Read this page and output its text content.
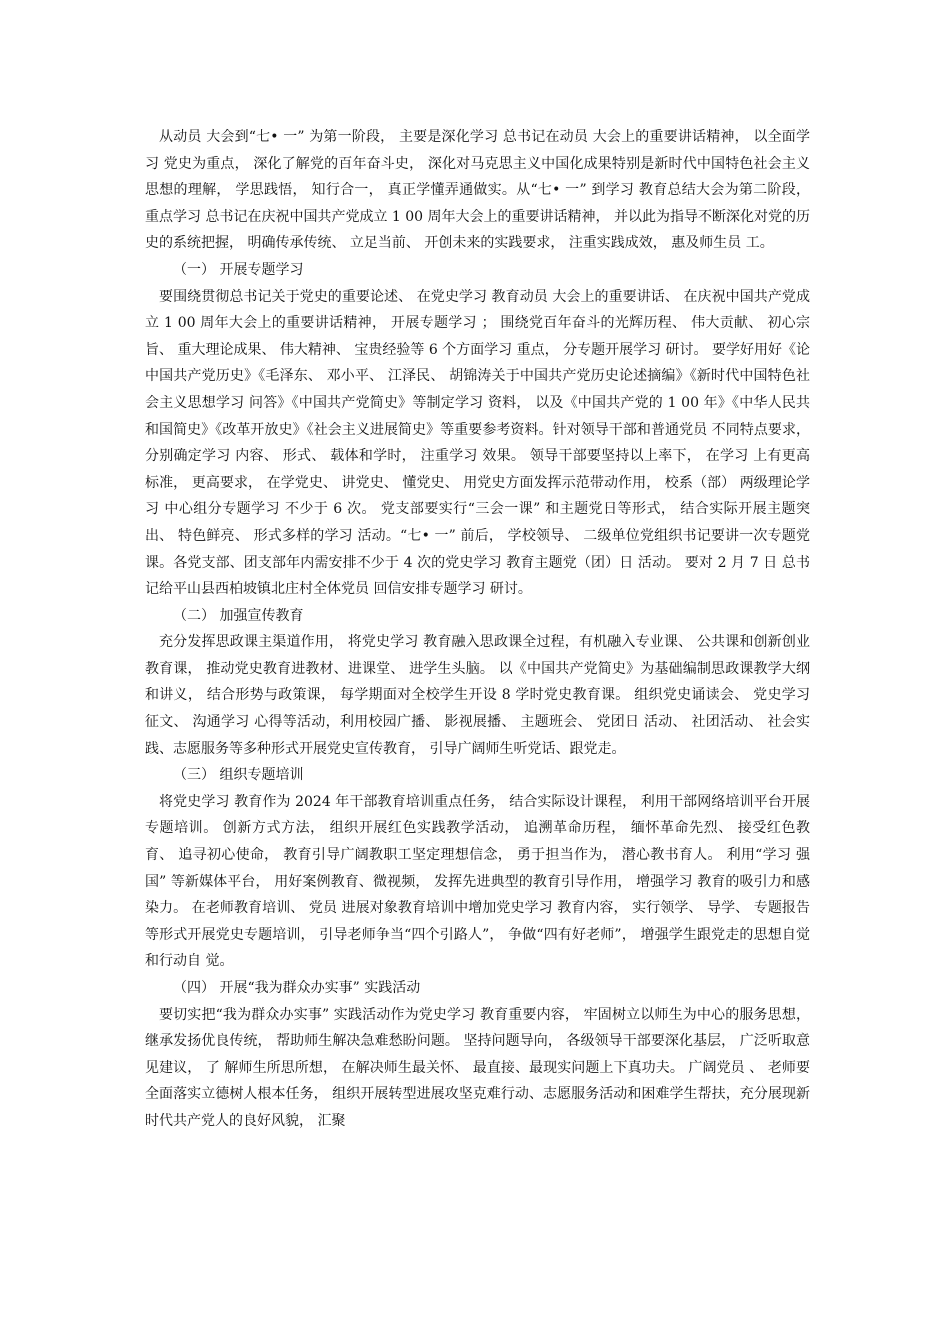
从动员 大会到“七• 一” 为第一阶段， 主要是深化学习 总书记在动员 大会上的重要讲话精神， 以全面学习 党史为重点， 深化了解党的百年奋斗史， 深化对马克思主义中国化成果特别是新时代中国特色社会主义思想的理解， 学思践悟， 知行合一， 真正学懂弄通做实。从“七• 一” 到学习 教育总结大会为第二阶段， 重点学习 总书记在庆祝中国共产党成立 1 00 周年大会上的重要讲话精神， 并以此为指导不断深化对党的历史的系统把握， 明确传承传统、 立足当前、 开创未来的实践要求， 注重实践成效， 惠及师生员 工。

（一） 开展专题学习

要围绕贯彻总书记关于党史的重要论述、 在党史学习 教育动员 大会上的重要讲话、 在庆祝中国共产党成立 1 00 周年大会上的重要讲话精神， 开展专题学习 ； 围绕党百年奋斗的光辉历程、 伟大贡献、 初心宗旨、 重大理论成果、 伟大精神、 宝贵经验等 6 个方面学习 重点， 分专题开展学习 研讨。 要学好用好《论中国共产党历史》《毛泽东、 邓小平、 江泽民、 胡锦涛关于中国共产党历史论述摘编》《新时代中国特色社会主义思想学习 问答》《中国共产党简史》等制定学习 资料， 以及《中国共产党的 1 00 年》《中华人民共和国简史》《改革开放史》《社会主义进展简史》等重要参考资料。针对领导干部和普通党员 不同特点要求，分别确定学习 内容、 形式、 载体和学时， 注重学习 效果。 领导干部要坚持以上率下， 在学习 上有更高标准， 更高要求， 在学党史、 讲党史、 懂党史、 用党史方面发挥示范带动作用， 校系（部） 两级理论学习 中心组分专题学习 不少于 6 次。 党支部要实行“三会一课” 和主题党日等形式， 结合实际开展主题突出、 特色鲜亮、 形式多样的学习 活动。“七• 一” 前后， 学校领导、 二级单位党组织书记要讲一次专题党课。各党支部、团支部年内需安排不少于 4 次的党史学习 教育主题党（团）日 活动。 要对 2 月 7 日 总书记给平山县西柏坡镇北庄村全体党员 回信安排专题学习 研讨。

（二） 加强宣传教育

充分发挥思政课主渠道作用， 将党史学习 教育融入思政课全过程，有机融入专业课、 公共课和创新创业教育课， 推动党史教育进教材、进课堂、 进学生头脑。 以《中国共产党简史》为基础编制思政课教学大纲和讲义， 结合形势与政策课， 每学期面对全校学生开设 8 学时党史教育课。 组织党史诵读会、 党史学习 征文、 沟通学习 心得等活动，利用校园广播、 影视展播、 主题班会、 党团日 活动、 社团活动、 社会实践、志愿服务等多种形式开展党史宣传教育， 引导广阔师生听党话、跟党走。

（三） 组织专题培训

将党史学习 教育作为 2024 年干部教育培训重点任务， 结合实际设计课程， 利用干部网络培训平台开展专题培训。 创新方式方法， 组织开展红色实践教学活动， 追溯革命历程， 缅怀革命先烈、 接受红色教育、 追寻初心使命， 教育引导广阔教职工坚定理想信念， 勇于担当作为， 潜心教书育人。 利用“学习 强国” 等新媒体平台， 用好案例教育、微视频， 发挥先进典型的教育引导作用， 增强学习 教育的吸引力和感染力。 在老师教育培训、 党员 进展对象教育培训中增加党史学习 教育内容， 实行领学、 导学、 专题报告等形式开展党史专题培训， 引导老师争当“四个引路人”， 争做“四有好老师”， 增强学生跟党走的思想自觉和行动自 觉。

（四） 开展“我为群众办实事” 实践活动

要切实把“我为群众办实事” 实践活动作为党史学习 教育重要内容， 牢固树立以师生为中心的服务思想， 继承发扬优良传统， 帮助师生解决急难愁盼问题。 坚持问题导向， 各级领导干部要深化基层， 广泛听取意见建议， 了 解师生所思所想， 在解决师生最关怀、 最直接、最现实问题上下真功夫。 广阔党员 、 老师要全面落实立德树人根本任务， 组织开展转型进展攻坚克难行动、志愿服务活动和困难学生帮扶，充分展现新时代共产党人的良好风貌， 汇聚
